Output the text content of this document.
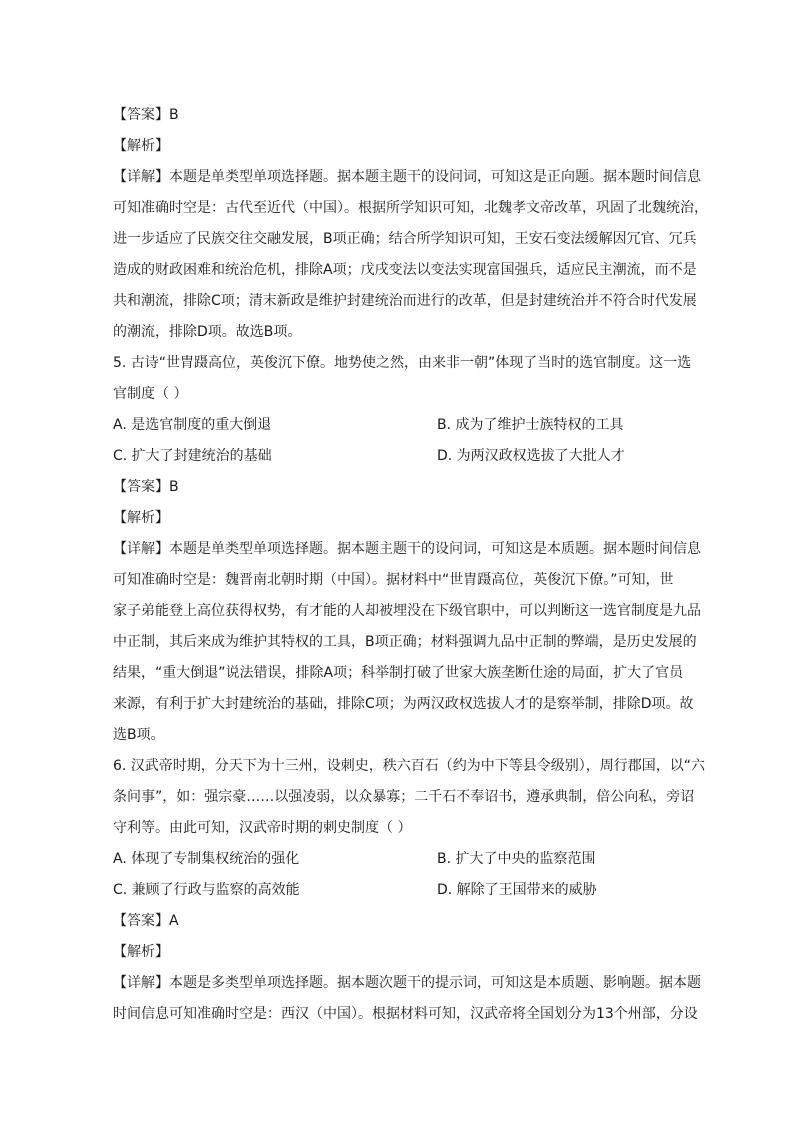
【答案】B
【解析】
【详解】本题是单类型单项选择题。据本题主题干的设问词，可知这是正向题。据本题时间信息
可知准确时空是：古代至近代（中国）。根据所学知识可知，北魏孝文帝改革，巩固了北魏统治，
进一步适应了民族交往交融发展，B项正确；结合所学知识可知，王安石变法缓解因冗官、冗兵
造成的财政困难和统治危机，排除A项；戊戌变法以变法实现富国强兵，适应民主潮流，而不是
共和潮流，排除C项；清末新政是维护封建统治而进行的改革，但是封建统治并不符合时代发展
的潮流，排除D项。故选B项。
5. 古诗“世胄蹑高位，英俊沉下僚。地势使之然，由来非一朝”体现了当时的选官制度。这一选
官制度（ ）
A. 是选官制度的重大倒退	B. 成为了维护士族特权的工具
C. 扩大了封建统治的基础	D. 为两汉政权选拔了大批人才
【答案】B
【解析】
【详解】本题是单类型单项选择题。据本题主题干的设问词，可知这是本质题。据本题时间信息
可知准确时空是：魏晋南北朝时期（中国）。据材料中“世胄蹑高位，英俊沉下僚。”可知，世
家子弟能登上高位获得权势，有才能的人却被埋没在下级官职中，可以判断这一选官制度是九品
中正制，其后来成为维护其特权的工具，B项正确；材料强调九品中正制的弊端，是历史发展的
结果，“重大倒退”说法错误，排除A项；科举制打破了世家大族垄断仕途的局面，扩大了官员
来源，有利于扩大封建统治的基础，排除C项；为两汉政权选拔人才的是察举制，排除D项。故
选B项。
6. 汉武帝时期，分天下为十三州，设刺史，秩六百石（约为中下等县令级别），周行郡国，以“六
条问事”，如：强宗豪……以强凌弱，以众暴寡；二千石不奉诏书，遵承典制，倍公向私，旁诏
守利等。由此可知，汉武帝时期的刺史制度（ ）
A. 体现了专制集权统治的强化	B. 扩大了中央的监察范围
C. 兼顾了行政与监察的高效能	D. 解除了王国带来的威胁
【答案】A
【解析】
【详解】本题是多类型单项选择题。据本题次题干的提示词，可知这是本质题、影响题。据本题
时间信息可知准确时空是：西汉（中国）。根据材料可知，汉武帝将全国划分为13个州部，分设
